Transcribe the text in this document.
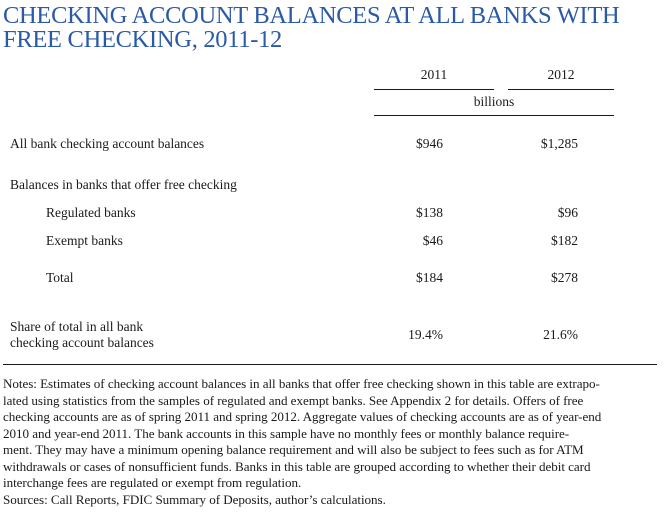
CHECKING ACCOUNT BALANCES AT ALL BANKS WITH
FREE CHECKING, 2011-12
2011	2012
billions
All bank checking account balances	$946	$1,285
Balances in banks that offer free checking
Regulated banks	$138	$96
Exempt banks	$46	$182
Total	$184	$278
Share of total in all bank
checking account balances
19.4%	21.6%

Notes: Estimates of checking account balances in all banks that offer free checking shown in this table are extrapo-

lated using statistics from the samples of regulated and exempt banks. See Appendix 2 for details. Offers of free

checking accounts are as of spring 2011 and spring 2012. Aggregate values of checking accounts are as of year-end

2010 and year-end 2011. The bank accounts in this sample have no monthly fees or monthly balance require-

ment. They may have a minimum opening balance requirement and will also be subject to fees such as for ATM

withdrawals or cases of nonsufficient funds. Banks in this table are grouped according to whether their debit card

interchange fees are regulated or exempt from regulation.

Sources: Call Reports, FDIC Summary of Deposits, author’s calculations.
